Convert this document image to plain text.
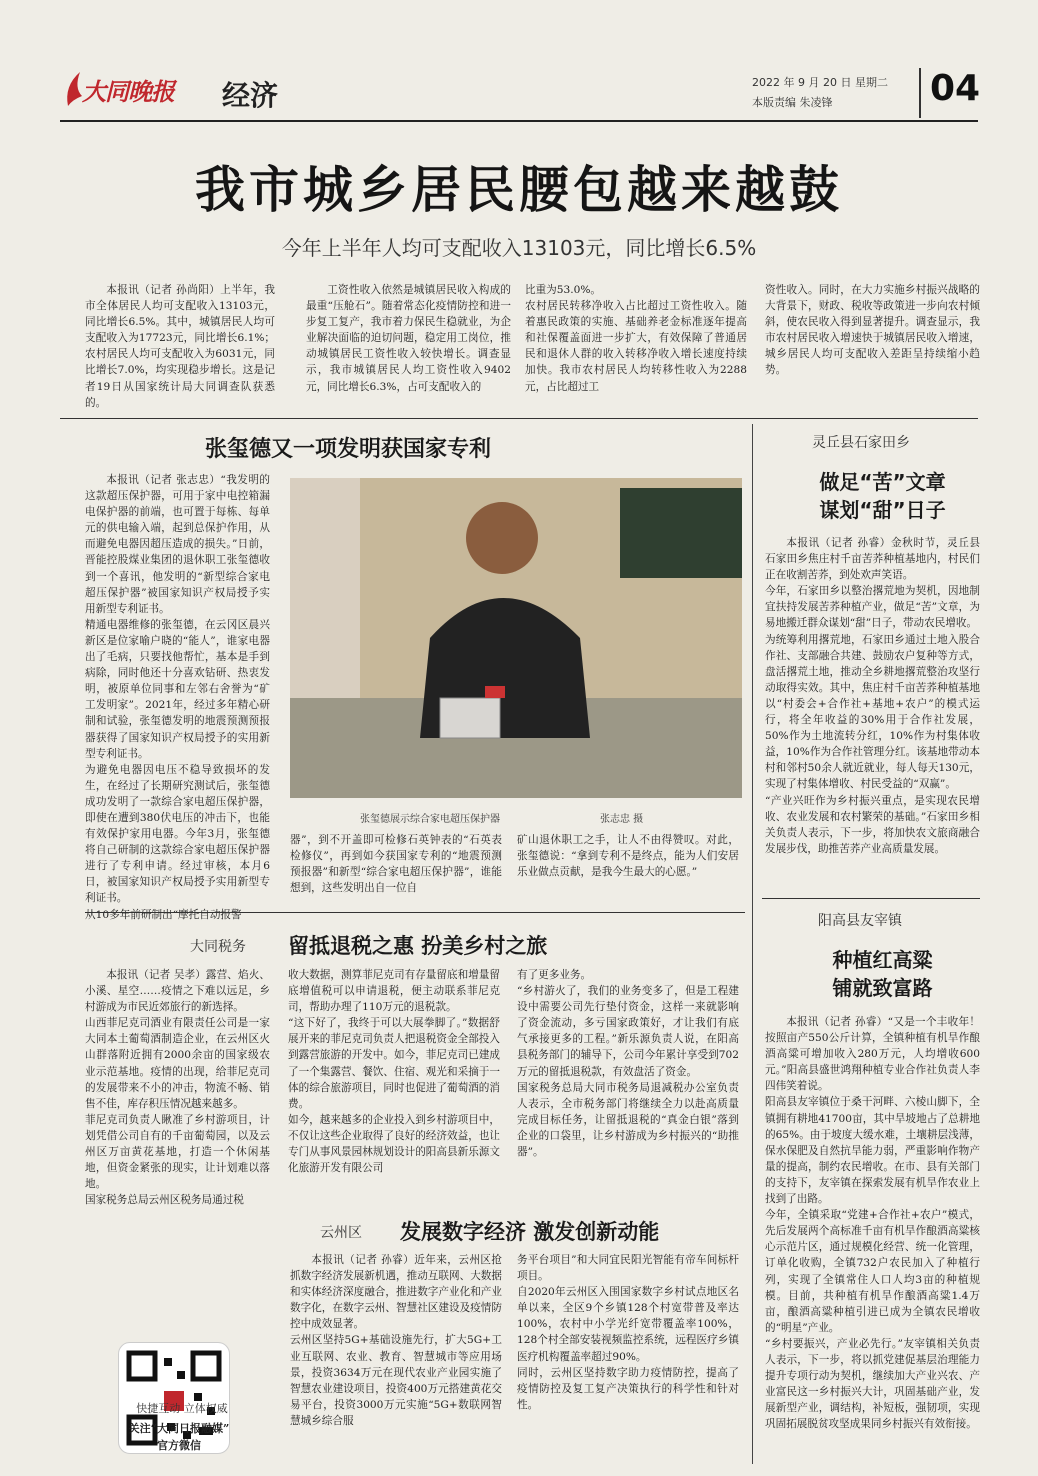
大同晚报 经济	2022 年 9 月 20 日 星期二
本版责编 朱凌锋	04
我市城乡居民腰包越来越鼓
今年上半年人均可支配收入13103元，同比增长6.5%
本报讯（记者 孙尚阳）上半年，我市全体居民人均可支配收入13103元，同比增长6.5%。其中，城镇居民人均可支配收入为17723元，同比增长6.1%；农村居民人均可支配收入为6031元，同比增长7.0%，均实现稳步增长。这是记者19日从国家统计局大同调查队获悉的。
工资性收入依然是城镇居民收入构成的最重“压舱石”。随着常态化疫情防控和进一步复工复产，我市着力保民生稳就业，为企业解决面临的迫切问题，稳定用工岗位，推动城镇居民工资性收入较快增长。调查显示，我市城镇居民人均工资性收入9402元，同比增长6.3%，占可支配收入的
比重为53.0%。
农村居民转移净收入占比超过工资性收入。随着惠民政策的实施、基础养老金标准逐年提高和社保覆盖面进一步扩大，有效保障了普通居民和退休人群的收入转移净收入增长速度持续加快。我市农村居民人均转移性收入为2288元，占比超过工
资性收入。同时，在大力实施乡村振兴战略的大背景下，财政、税收等政策进一步向农村倾斜，使农民收入得到显著提升。调查显示，我市农村居民收入增速快于城镇居民收入增速，城乡居民人均可支配收入差距呈持续缩小趋势。
张玺德又一项发明获国家专利
本报讯（记者 张志忠）“我发明的这款超压保护器，可用于家中电控箱漏电保护器的前端，也可置于每栋、每单元的供电输入端，起到总保护作用，从而避免电器因超压造成的损失。”日前，晋能控股煤业集团的退休职工张玺德收到一个喜讯，他发明的“新型综合家电超压保护器”被国家知识产权局授予实用新型专利证书。
精通电器维修的张玺德，在云冈区晨兴新区是位家喻户晓的“能人”，谁家电器出了毛病，只要找他帮忙，基本是手到病除，同时他还十分喜欢钻研、热衷发明，被原单位同事和左邻右舍誉为“矿工发明家”。2021年，经过多年精心研制和试验，张玺德发明的地震预测预报器获得了国家知识产权局授予的实用新型专利证书。
为避免电器因电压不稳导致损坏的发生，在经过了长期研究测试后，张玺德成功发明了一款综合家电超压保护器，即使在遭到380伏电压的冲击下，也能有效保护家用电器。今年3月，张玺德将自己研制的这款综合家电超压保护器进行了专利申请。经过审核，本月6日，被国家知识产权局授予实用新型专利证书。
从10多年前研制出“摩托自动报警
张玺德展示综合家电超压保护器	张志忠 摄
器”，到不开盖即可检修石英钟表的“石英表检修仪”，再到如今获国家专利的“地震预测预报器”和新型“综合家电超压保护器”，谁能想到，这些发明出自一位自
矿山退休职工之手，让人不由得赞叹。对此，张玺德说：“拿到专利不是终点，能为人们安居乐业做点贡献，是我今生最大的心愿。”
大同税务 留抵退税之惠 扮美乡村之旅
本报讯（记者 吴孝）露营、焰火、小溪、星空……疫情之下难以远足，乡村游成为市民近郊旅行的新选择。
山西菲尼克司酒业有限责任公司是一家大同本土葡萄酒制造企业，在云州区火山群落附近拥有2000余亩的国家级农业示范基地。疫情的出现，给菲尼克司的发展带来不小的冲击，物流不畅、销售不佳，库存积压情况越来越多。
菲尼克司负责人瞅准了乡村游项目，计划凭借公司自有的千亩葡萄园，以及云州区万亩黄花基地，打造一个休闲基地，但资金紧张的现实，让计划难以落地。
国家税务总局云州区税务局通过税
收大数据，测算菲尼克司有存量留底和增量留底增值税可以申请退税，便主动联系菲尼克司，帮助办理了110万元的退税款。
“这下好了，我终于可以大展拳脚了。”数据舒展开来的菲尼克司负责人把退税资金全部投入到露营旅游的开发中。如今，菲尼克司已建成了一个集露营、餐饮、住宿、观光和采摘于一体的综合旅游项目，同时也促进了葡萄酒的消费。
如今，越来越多的企业投入到乡村游项目中，不仅让这些企业取得了良好的经济效益，也让专门从事风景园林规划设计的阳高县新乐源文化旅游开发有限公司
有了更多业务。
“乡村游火了，我们的业务变多了，但是工程建设中需要公司先行垫付资金，这样一来就影响了资金流动，多亏国家政策好，才让我们有底气承接更多的工程。”新乐源负责人说，在阳高县税务部门的辅导下，公司今年累计享受到702万元的留抵退税款，有效盘活了资金。
国家税务总局大同市税务局退减税办公室负责人表示，全市税务部门将继续全力以赴高质量完成目标任务，让留抵退税的“真金白银”落到企业的口袋里，让乡村游成为乡村振兴的“助推器”。
云州区 发展数字经济 激发创新动能
本报讯（记者 孙睿）近年来，云州区抢抓数字经济发展新机遇，推动互联网、大数据和实体经济深度融合，推进数字产业化和产业数字化，在数字云州、智慧社区建设及疫情防控中成效显著。
云州区坚持5G+基础设施先行，扩大5G+工业互联网、农业、教育、智慧城市等应用场景，投资3634万元在现代农业产业园实施了智慧农业建设项目，投资400万元搭建黄花交易平台，投资3000万元实施“5G+数联网智慧城乡综合服
务平台项目”和大同宜民阳光智能有帝车间标杆项目。
自2020年云州区入围国家数字乡村试点地区名单以来，全区9个乡镇128个村宽带普及率达100%，农村中小学光纤宽带覆盖率100%，128个村全部安装视频监控系统，远程医疗乡镇医疗机构覆盖率超过90%。
同时，云州区坚持数字助力疫情防控，提高了疫情防控及复工复产决策执行的科学性和针对性。
快捷互动 立体权威
关注“大同日报融媒”
官方微信
灵丘县石家田乡
做足“苦”文章
谋划“甜”日子
本报讯（记者 孙睿）金秋时节，灵丘县石家田乡焦庄村千亩苦荞种植基地内，村民们正在收割苦荞，到处欢声笑语。
今年，石家田乡以整治撂荒地为契机，因地制宜扶持发展苦荞种植产业，做足“苦”文章，为易地搬迁群众谋划“甜”日子，带动农民增收。
为统筹利用撂荒地，石家田乡通过土地入股合作社、支部融合共建、鼓励农户复种等方式，盘活撂荒土地，推动全乡耕地撂荒整治攻坚行动取得实效。其中，焦庄村千亩苦荞种植基地以“村委会+合作社+基地+农户”的模式运行，将全年收益的30%用于合作社发展，50%作为土地流转分红，10%作为村集体收益，10%作为合作社管理分红。该基地带动本村和邻村50余人就近就业，每人每天130元，实现了村集体增收、村民受益的“双赢”。
“产业兴旺作为乡村振兴重点，是实现农民增收、农业发展和农村繁荣的基础。”石家田乡相关负责人表示，下一步，将加快农文旅商融合发展步伐，助推苦荞产业高质量发展。
阳高县友宰镇
种植红高粱
铺就致富路
本报讯（记者 孙睿）“又是一个丰收年！按照亩产550公斤计算，全镇种植有机旱作酿酒高粱可增加收入280万元，人均增收600元。”阳高县盛世鸿翔种植专业合作社负责人李四伟笑着说。
阳高县友宰镇位于桑干河畔、六棱山脚下，全镇拥有耕地41700亩，其中旱坡地占了总耕地的65%。由于坡度大缓水难，土壤耕层浅薄，保水保肥及自然抗旱能力弱，严重影响作物产量的提高，制约农民增收。在市、县有关部门的支持下，友宰镇在探索发展有机旱作农业上找到了出路。
今年，全镇采取“党建+合作社+农户”模式，先后发展两个高标准千亩有机旱作酿酒高粱核心示范片区，通过规模化经营、统一化管理，订单化收购，全镇732户农民加入了种植行列，实现了全镇常住人口人均3亩的种植规模。目前，共种植有机旱作酿酒高粱1.4万亩，酿酒高粱种植引进已成为全镇农民增收的“明星”产业。
“乡村要振兴，产业必先行。”友宰镇相关负责人表示，下一步，将以抓党建促基层治理能力提升专项行动为契机，继续加大产业兴农、产业富民这一乡村振兴大计，巩固基础产业，发展新型产业，调结构，补短板，强韧项，实现巩固拓展脱贫攻坚成果同乡村振兴有效衔接。
